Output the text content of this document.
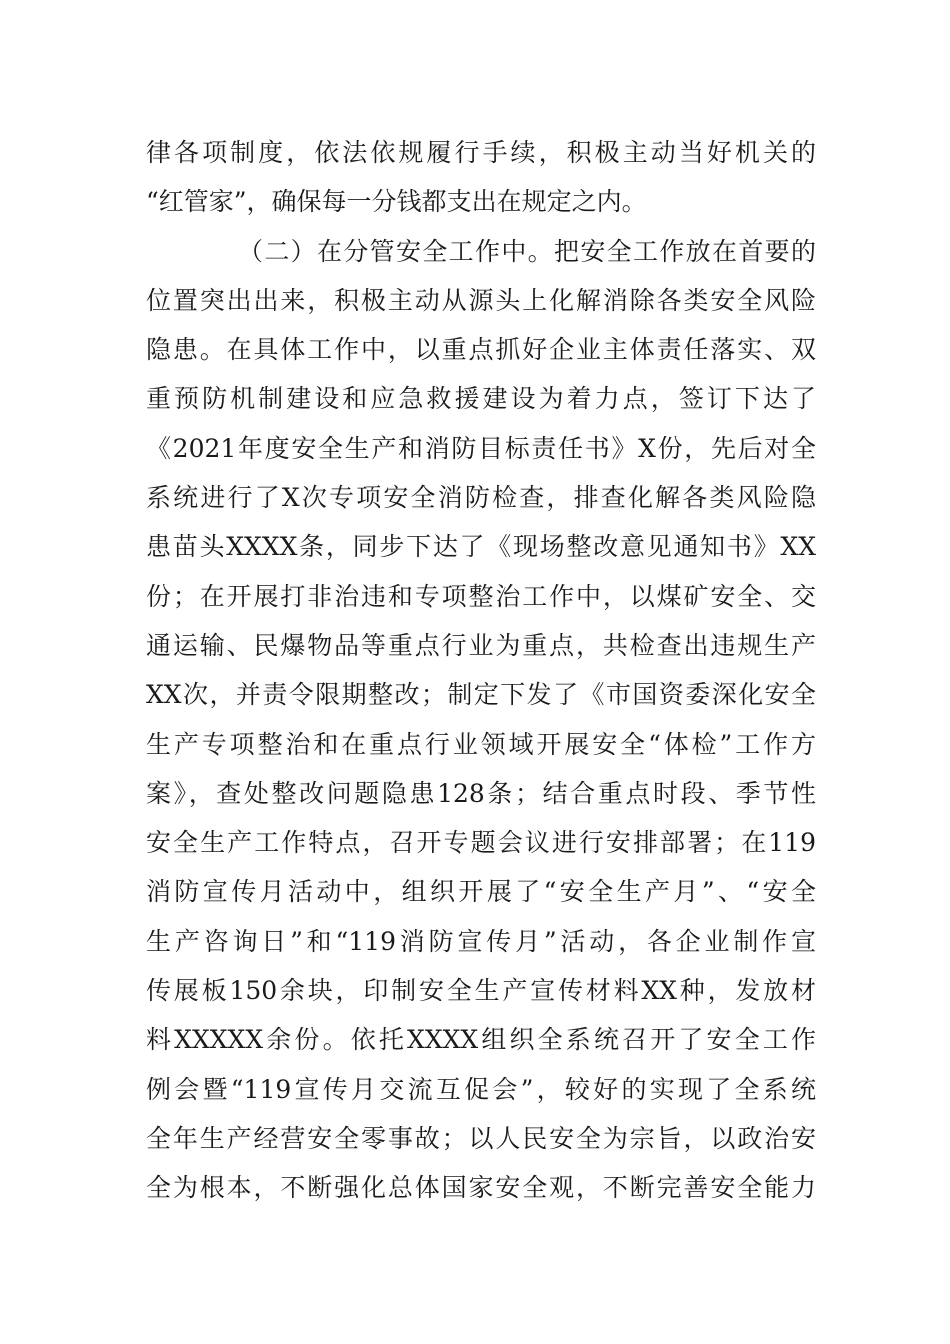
律各项制度，依法依规履行手续，积极主动当好机关的
“红管家”，确保每一分钱都支出在规定之内。
（二）在分管安全工作中。把安全工作放在首要的
位置突出出来，积极主动从源头上化解消除各类安全风险
隐患。在具体工作中，以重点抓好企业主体责任落实、双
重预防机制建设和应急救援建设为着力点，签订下达了
《2021年度安全生产和消防目标责任书》X份，先后对全
系统进行了X次专项安全消防检查，排查化解各类风险隐
患苗头XXXX条，同步下达了《现场整改意见通知书》XX
份；在开展打非治违和专项整治工作中，以煤矿安全、交
通运输、民爆物品等重点行业为重点，共检查出违规生产
XX次，并责令限期整改；制定下发了《市国资委深化安全
生产专项整治和在重点行业领域开展安全“体检”工作方
案》，查处整改问题隐患128条；结合重点时段、季节性
安全生产工作特点，召开专题会议进行安排部署；在119
消防宣传月活动中，组织开展了“安全生产月”、“安全
生产咨询日”和“119消防宣传月”活动，各企业制作宣
传展板150余块，印制安全生产宣传材料XX种，发放材
料XXXXX余份。依托XXXX组织全系统召开了安全工作
例会暨“119宣传月交流互促会”，较好的实现了全系统
全年生产经营安全零事故；以人民安全为宗旨，以政治安
全为根本，不断强化总体国家安全观，不断完善安全能力
